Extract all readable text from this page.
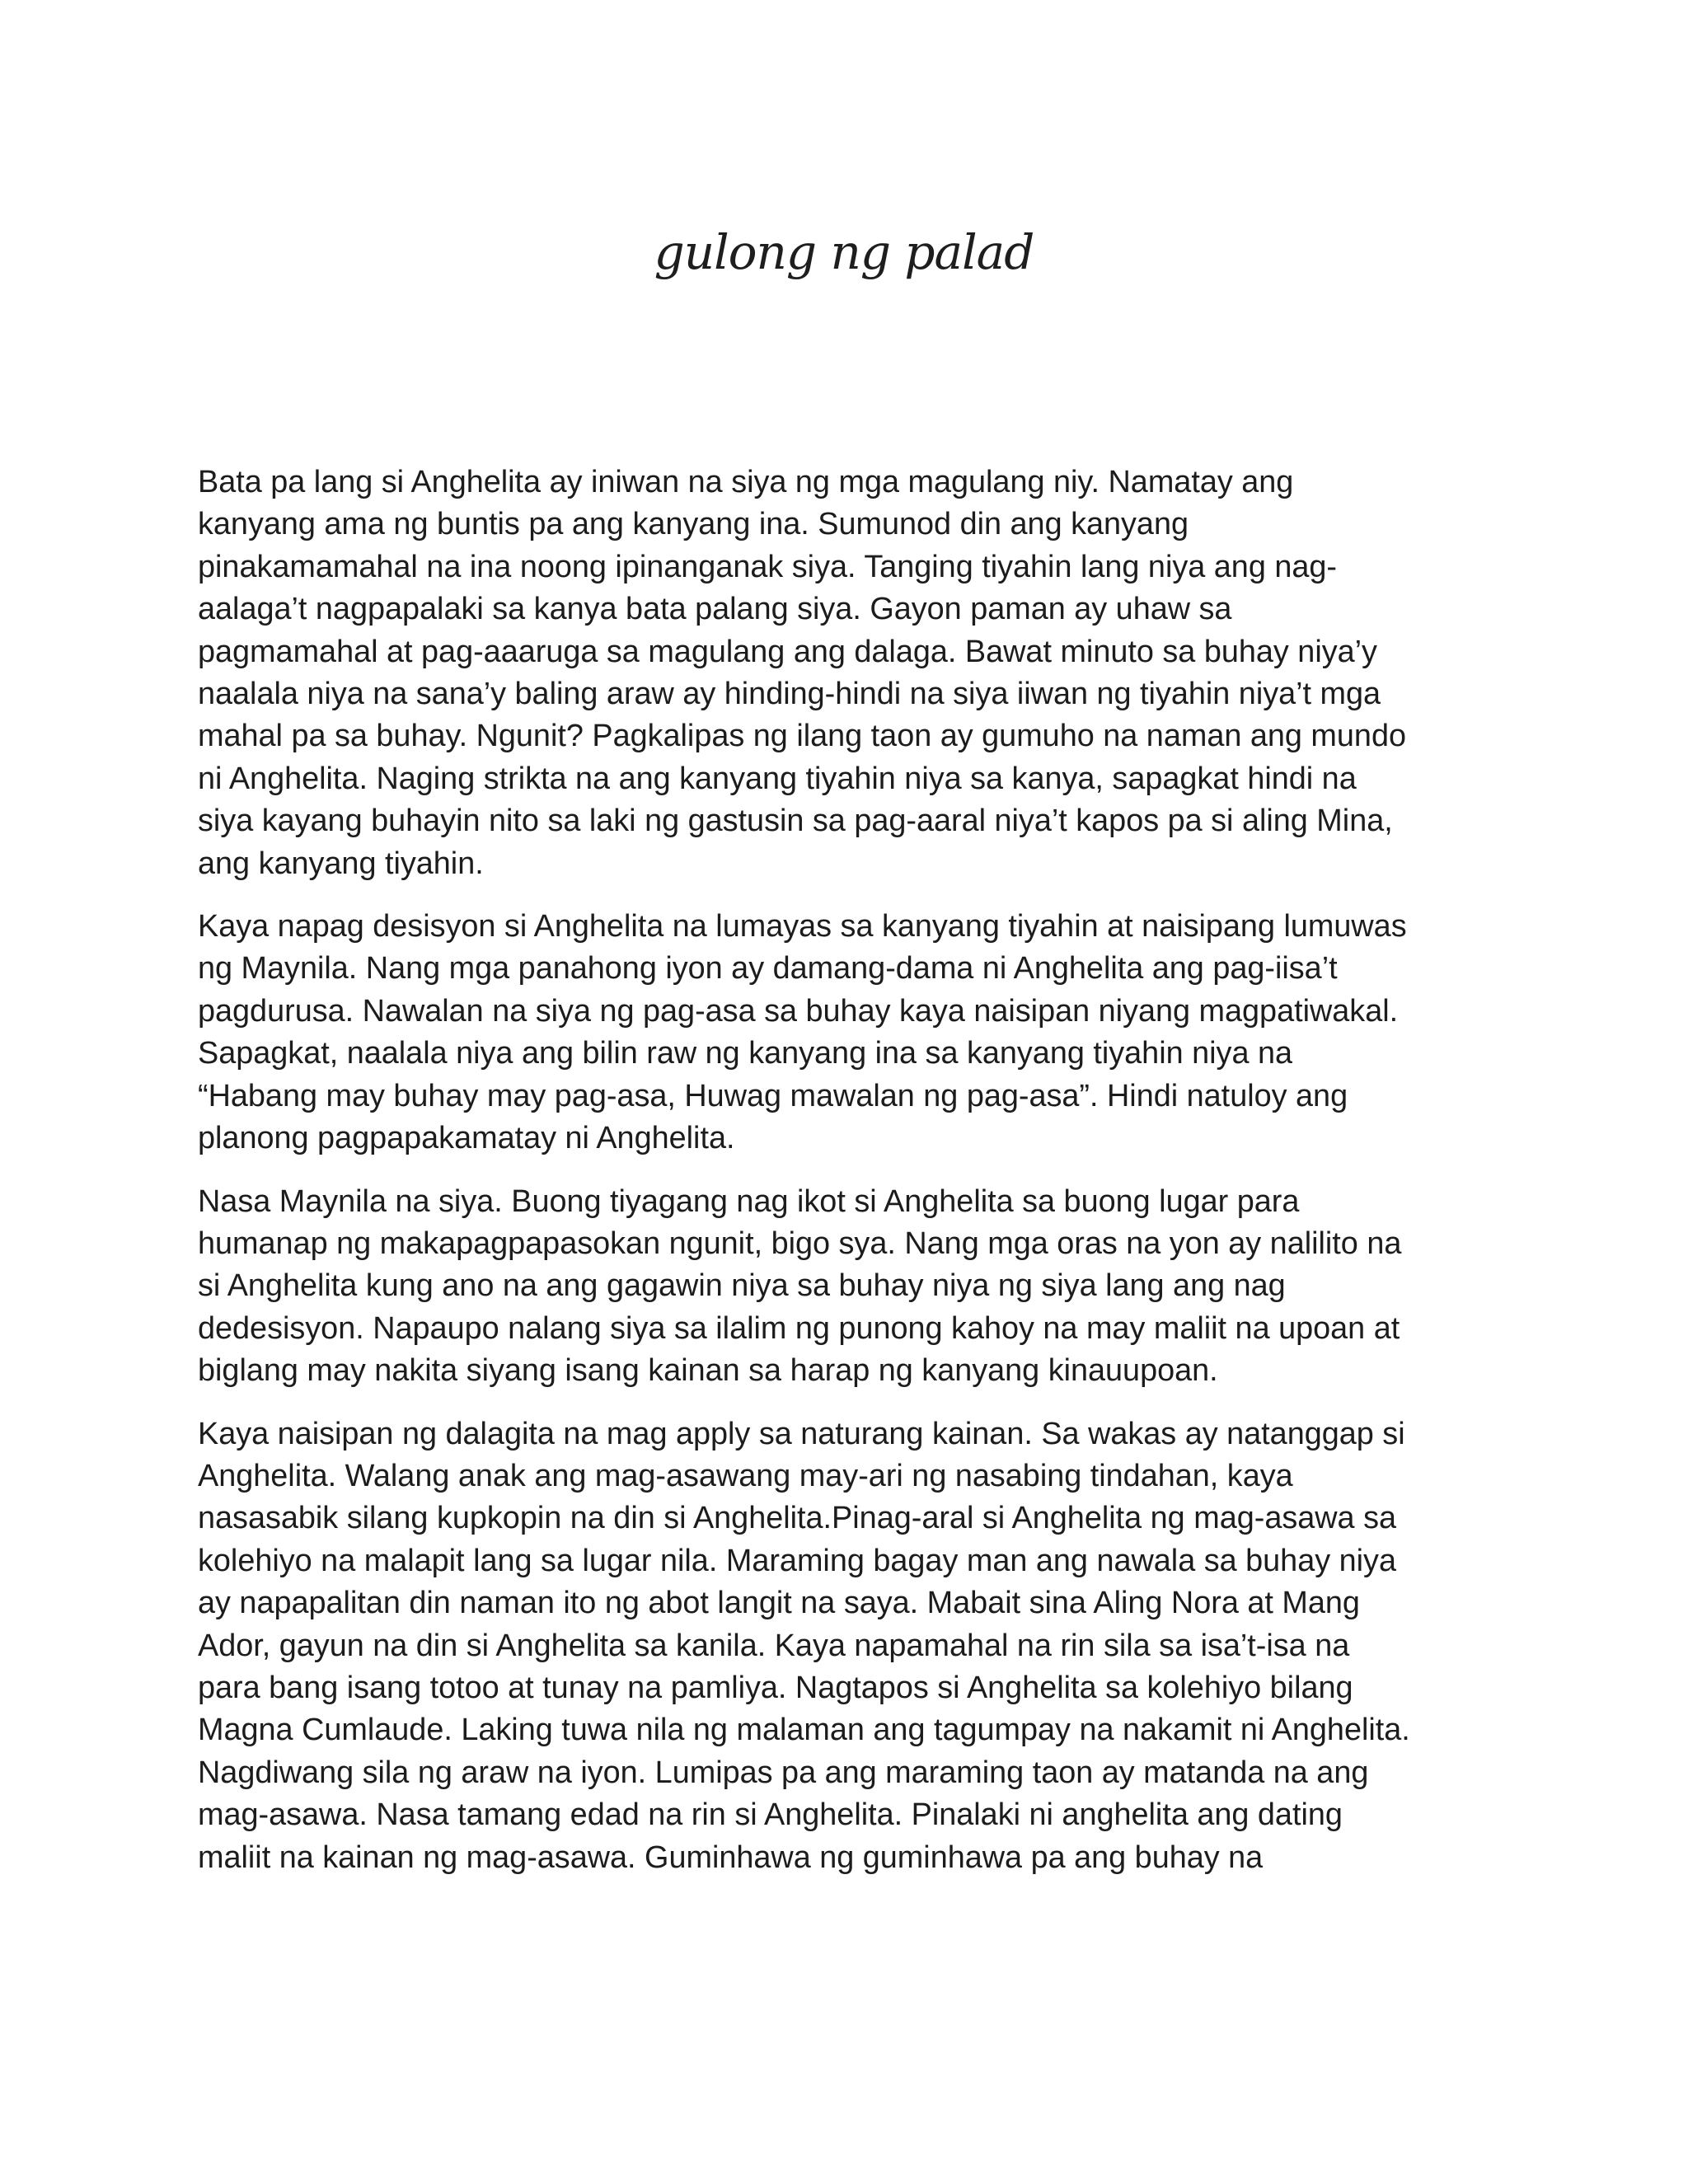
gulong ng palad

Bata pa lang si Anghelita ay iniwan na siya ng mga magulang niy. Namatay ang
kanyang ama ng buntis pa ang kanyang ina. Sumunod din ang kanyang
pinakamamahal na ina noong ipinanganak siya. Tanging tiyahin lang niya ang nag-
aalaga’t nagpapalaki sa kanya bata palang siya. Gayon paman ay uhaw sa
pagmamahal at pag-aaaruga sa magulang ang dalaga. Bawat minuto sa buhay niya’y
naalala niya na sana’y baling araw ay hinding-hindi na siya iiwan ng tiyahin niya’t mga
mahal pa sa buhay. Ngunit? Pagkalipas ng ilang taon ay gumuho na naman ang mundo
ni Anghelita. Naging strikta na ang kanyang tiyahin niya sa kanya, sapagkat hindi na
siya kayang buhayin nito sa laki ng gastusin sa pag-aaral niya’t kapos pa si aling Mina,
ang kanyang tiyahin.

Kaya napag desisyon si Anghelita na lumayas sa kanyang tiyahin at naisipang lumuwas
ng Maynila. Nang mga panahong iyon ay damang-dama ni Anghelita ang pag-iisa’t
pagdurusa. Nawalan na siya ng pag-asa sa buhay kaya naisipan niyang magpatiwakal.
Sapagkat, naalala niya ang bilin raw ng kanyang ina sa kanyang tiyahin niya na
“Habang may buhay may pag-asa, Huwag mawalan ng pag-asa”. Hindi natuloy ang
planong pagpapakamatay ni Anghelita.

Nasa Maynila na siya. Buong tiyagang nag ikot si Anghelita sa buong lugar para
humanap ng makapagpapasokan ngunit, bigo sya. Nang mga oras na yon ay nalilito na
si Anghelita kung ano na ang gagawin niya sa buhay niya ng siya lang ang nag
dedesisyon. Napaupo nalang siya sa ilalim ng punong kahoy na may maliit na upoan at
biglang may nakita siyang isang kainan sa harap ng kanyang kinauupoan.

Kaya naisipan ng dalagita na mag apply sa naturang kainan. Sa wakas ay natanggap si
Anghelita. Walang anak ang mag-asawang may-ari ng nasabing tindahan, kaya
nasasabik silang kupkopin na din si Anghelita.Pinag-aral si Anghelita ng mag-asawa sa
kolehiyo na malapit lang sa lugar nila. Maraming bagay man ang nawala sa buhay niya
ay napapalitan din naman ito ng abot langit na saya. Mabait sina Aling Nora at Mang
Ador, gayun na din si Anghelita sa kanila. Kaya napamahal na rin sila sa isa’t-isa na
para bang isang totoo at tunay na pamliya. Nagtapos si Anghelita sa kolehiyo bilang
Magna Cumlaude. Laking tuwa nila ng malaman ang tagumpay na nakamit ni Anghelita.
Nagdiwang sila ng araw na iyon. Lumipas pa ang maraming taon ay matanda na ang
mag-asawa. Nasa tamang edad na rin si Anghelita. Pinalaki ni anghelita ang dating
maliit na kainan ng mag-asawa. Guminhawa ng guminhawa pa ang buhay na
